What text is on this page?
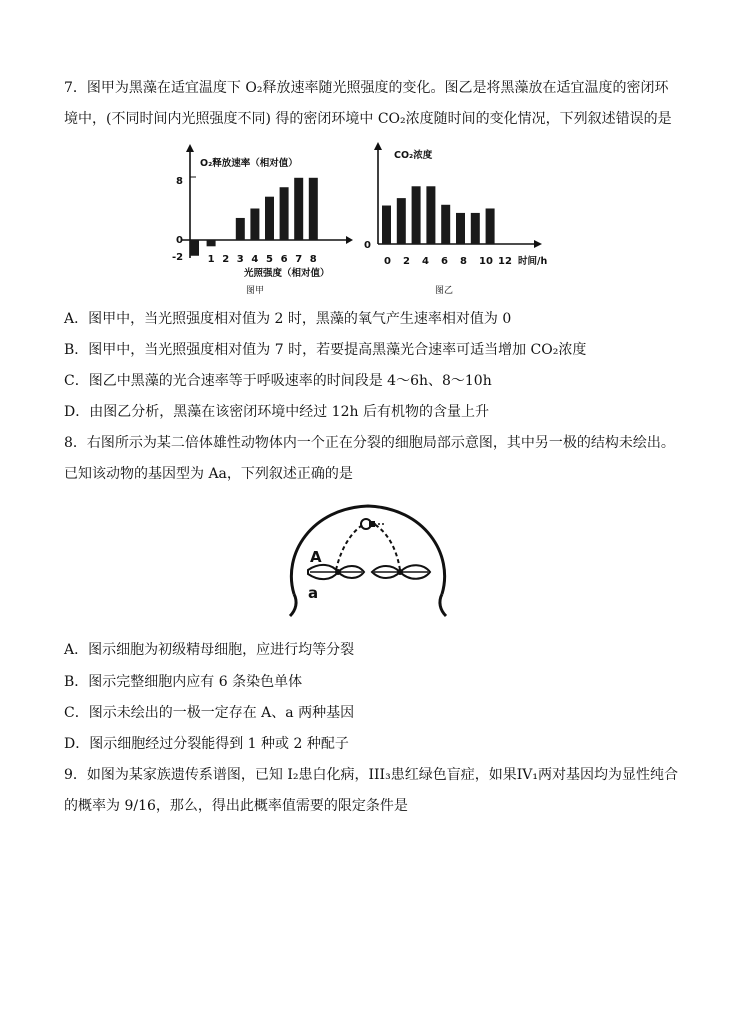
7．图甲为黑藻在适宜温度下 O₂释放速率随光照强度的变化。图乙是将黑藻放在适宜温度的密闭环
境中，(不同时间内光照强度不同) 得的密闭环境中 CO₂浓度随时间的变化情况，下列叙述错误的是
O₂释放速率（相对值）
8
0
-2 1 2 3 4 5 6 7 8
光照强度（相对值）
图甲
CO₂浓度
0
0 2 4 6 8 10 12 时间/h
图乙
A．图甲中，当光照强度相对值为 2 时，黑藻的氧气产生速率相对值为 0
B．图甲中，当光照强度相对值为 7 时，若要提高黑藻光合速率可适当增加 CO₂浓度
C．图乙中黑藻的光合速率等于呼吸速率的时间段是 4～6h、8～10h
D．由图乙分析，黑藻在该密闭环境中经过 12h 后有机物的含量上升
8．右图所示为某二倍体雄性动物体内一个正在分裂的细胞局部示意图，其中另一极的结构未绘出。
已知该动物的基因型为 Aa，下列叙述正确的是
A
a
A．图示细胞为初级精母细胞，应进行均等分裂
B．图示完整细胞内应有 6 条染色单体
C．图示未绘出的一极一定存在 A、a 两种基因
D．图示细胞经过分裂能得到 1 种或 2 种配子
9．如图为某家族遗传系谱图，已知 I₂患白化病，III₃患红绿色盲症，如果IV₁两对基因均为显性纯合
的概率为 9/16，那么，得出此概率值需要的限定条件是
